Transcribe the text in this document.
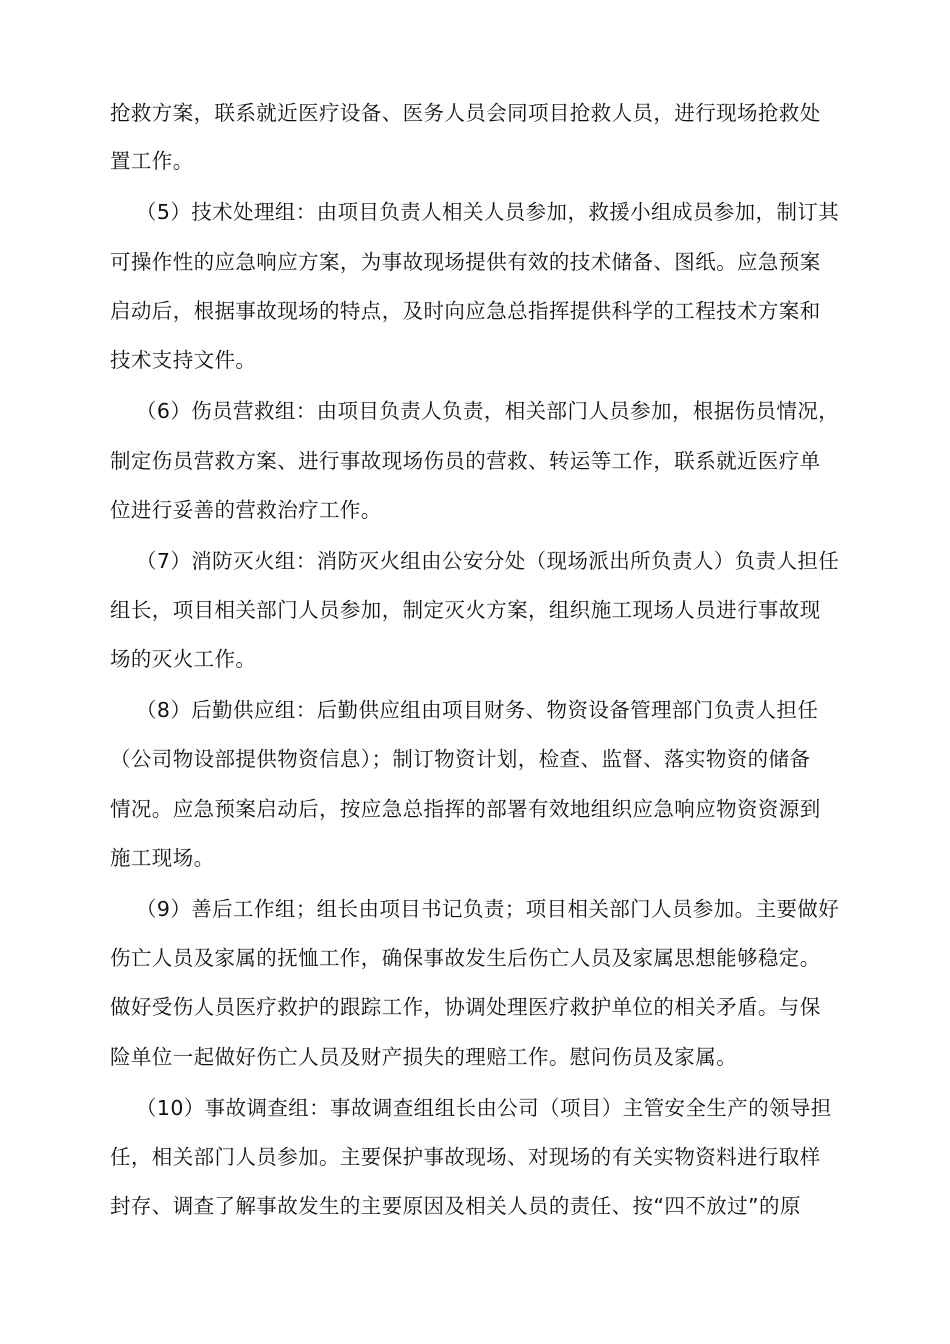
抢救方案，联系就近医疗设备、医务人员会同项目抢救人员，进行现场抢救处
置工作。
（5）技术处理组：由项目负责人相关人员参加，救援小组成员参加，制订其
可操作性的应急响应方案，为事故现场提供有效的技术储备、图纸。应急预案
启动后，根据事故现场的特点，及时向应急总指挥提供科学的工程技术方案和
技术支持文件。
（6）伤员营救组：由项目负责人负责，相关部门人员参加，根据伤员情况，
制定伤员营救方案、进行事故现场伤员的营救、转运等工作，联系就近医疗单
位进行妥善的营救治疗工作。
（7）消防灭火组：消防灭火组由公安分处（现场派出所负责人）负责人担任
组长，项目相关部门人员参加，制定灭火方案，组织施工现场人员进行事故现
场的灭火工作。
（8）后勤供应组：后勤供应组由项目财务、物资设备管理部门负责人担任
（公司物设部提供物资信息）；制订物资计划，检查、监督、落实物资的储备
情况。应急预案启动后，按应急总指挥的部署有效地组织应急响应物资资源到
施工现场。
（9）善后工作组；组长由项目书记负责；项目相关部门人员参加。主要做好
伤亡人员及家属的抚恤工作，确保事故发生后伤亡人员及家属思想能够稳定。
做好受伤人员医疗救护的跟踪工作，协调处理医疗救护单位的相关矛盾。与保
险单位一起做好伤亡人员及财产损失的理赔工作。慰问伤员及家属。
（10）事故调查组：事故调查组组长由公司（项目）主管安全生产的领导担
任，相关部门人员参加。主要保护事故现场、对现场的有关实物资料进行取样
封存、调查了解事故发生的主要原因及相关人员的责任、按“四不放过”的原
